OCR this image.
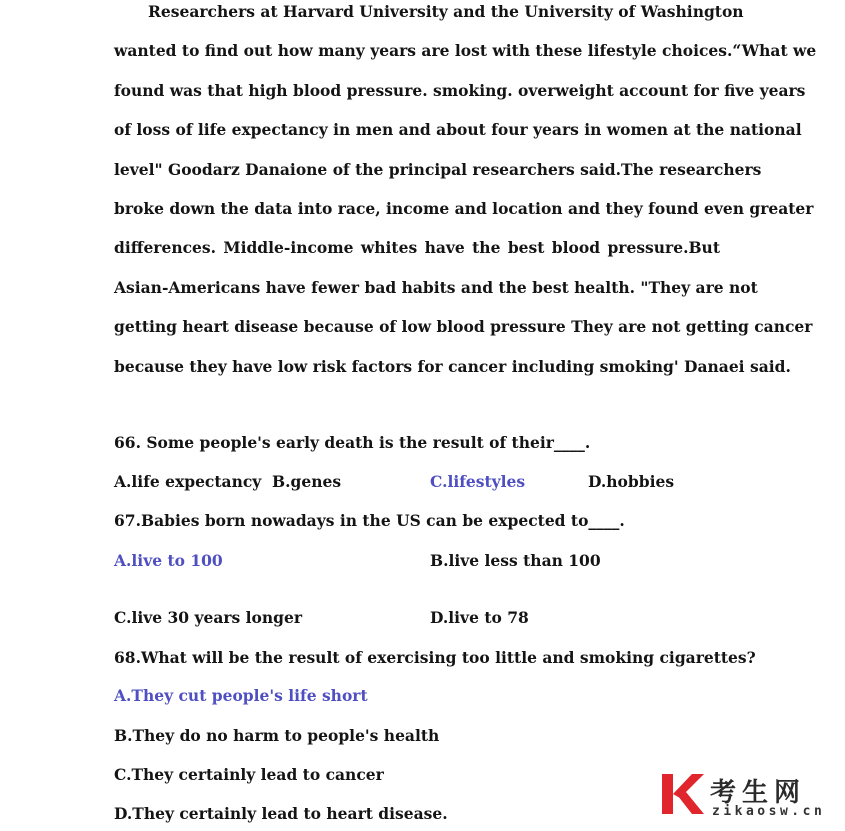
Researchers at Harvard University and the University of Washington
wanted to find out how many years are lost with these lifestyle choices.“What we
found was that high blood pressure. smoking. overweight account for five years
of loss of life expectancy in men and about four years in women at the national
level" Goodarz Danaione of the principal researchers said.The researchers
broke down the data into race, income and location and they found even greater
differences. Middle-income whites have the best blood pressure.But
Asian-Americans have fewer bad habits and the best health. "They are not
getting heart disease because of low blood pressure They are not getting cancer
because they have low risk factors for cancer including smoking' Danaei said.
66. Some people's early death is the result of their____.
A.life expectancy B.genes	C.lifestyles	D.hobbies
67.Babies born nowadays in the US can be expected to____.
A.live to 100	B.live less than 100
C.live 30 years longer	D.live to 78
68.What will be the result of exercising too little and smoking cigarettes?
A.They cut people's life short
B.They do no harm to people's health
C.They certainly lead to cancer
D.They certainly lead to heart disease.
考生网
zikaosw.cn
